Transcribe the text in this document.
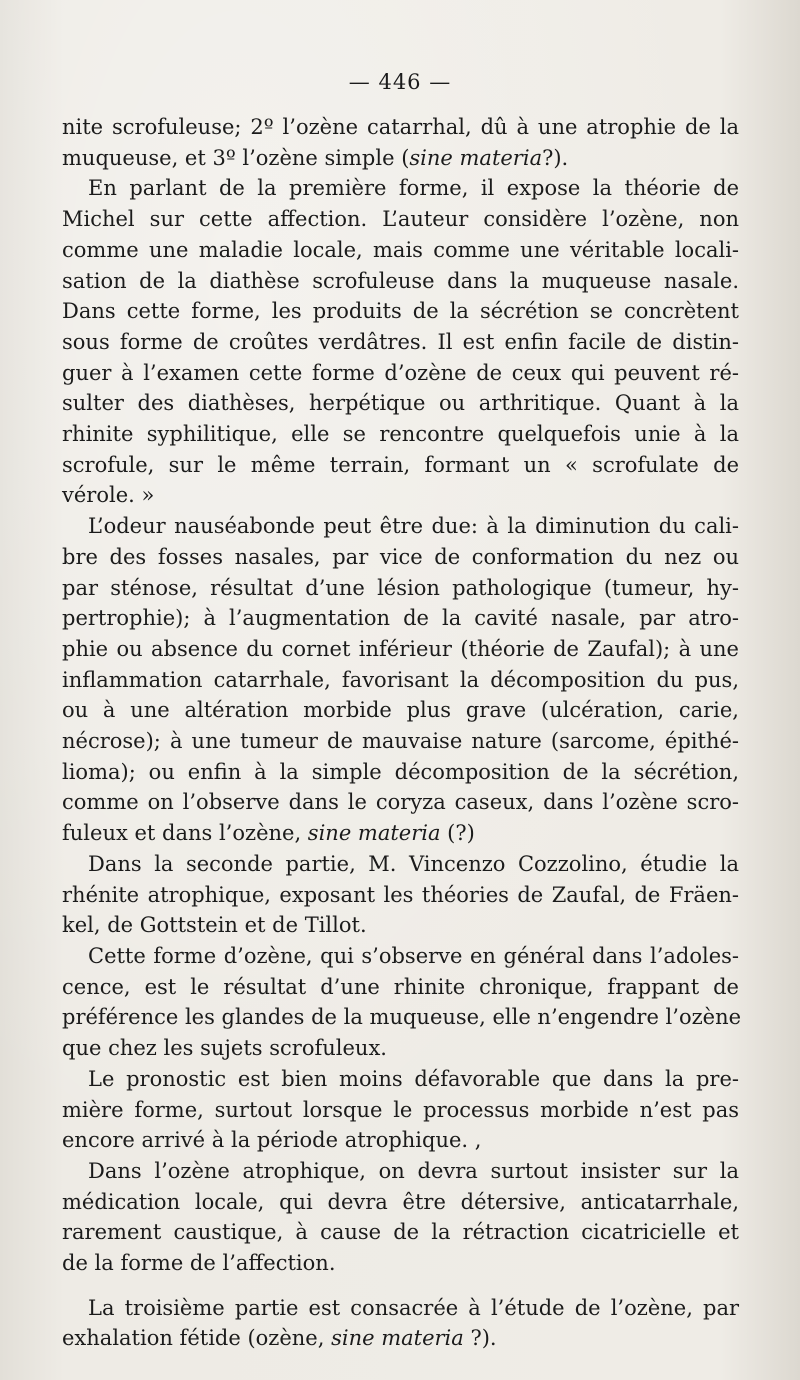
— 446 —

nite scrofuleuse; 2º l’ozène catarrhal, dû à une atrophie de la
muqueuse, et 3º l’ozène simple (sine materia?).

En parlant de la première forme, il expose la théorie de
Michel sur cette affection. L’auteur considère l’ozène, non
comme une maladie locale, mais comme une véritable locali-
sation de la diathèse scrofuleuse dans la muqueuse nasale.
Dans cette forme, les produits de la sécrétion se concrètent
sous forme de croûtes verdâtres. Il est enfin facile de distin-
guer à l’examen cette forme d’ozène de ceux qui peuvent ré-
sulter des diathèses, herpétique ou arthritique. Quant à la
rhinite syphilitique, elle se rencontre quelquefois unie à la
scrofule, sur le même terrain, formant un « scrofulate de
vérole. »

L’odeur nauséabonde peut être due: à la diminution du cali-
bre des fosses nasales, par vice de conformation du nez ou
par sténose, résultat d’une lésion pathologique (tumeur, hy-
pertrophie); à l’augmentation de la cavité nasale, par atro-
phie ou absence du cornet inférieur (théorie de Zaufal); à une
inflammation catarrhale, favorisant la décomposition du pus,
ou à une altération morbide plus grave (ulcération, carie,
nécrose); à une tumeur de mauvaise nature (sarcome, épithé-
lioma); ou enfin à la simple décomposition de la sécrétion,
comme on l’observe dans le coryza caseux, dans l’ozène scro-
fuleux et dans l’ozène, sine materia (?)

Dans la seconde partie, M. Vincenzo Cozzolino, étudie la
rhénite atrophique, exposant les théories de Zaufal, de Fräen-
kel, de Gottstein et de Tillot.

Cette forme d’ozène, qui s’observe en général dans l’adoles-
cence, est le résultat d’une rhinite chronique, frappant de
préférence les glandes de la muqueuse, elle n’engendre l’ozène
que chez les sujets scrofuleux.

Le pronostic est bien moins défavorable que dans la pre-
mière forme, surtout lorsque le processus morbide n’est pas
encore arrivé à la période atrophique. ,

Dans l’ozène atrophique, on devra surtout insister sur la
médication locale, qui devra être détersive, anticatarrhale,
rarement caustique, à cause de la rétraction cicatricielle et
de la forme de l’affection.

La troisième partie est consacrée à l’étude de l’ozène, par
exhalation fétide (ozène, sine materia ?).
